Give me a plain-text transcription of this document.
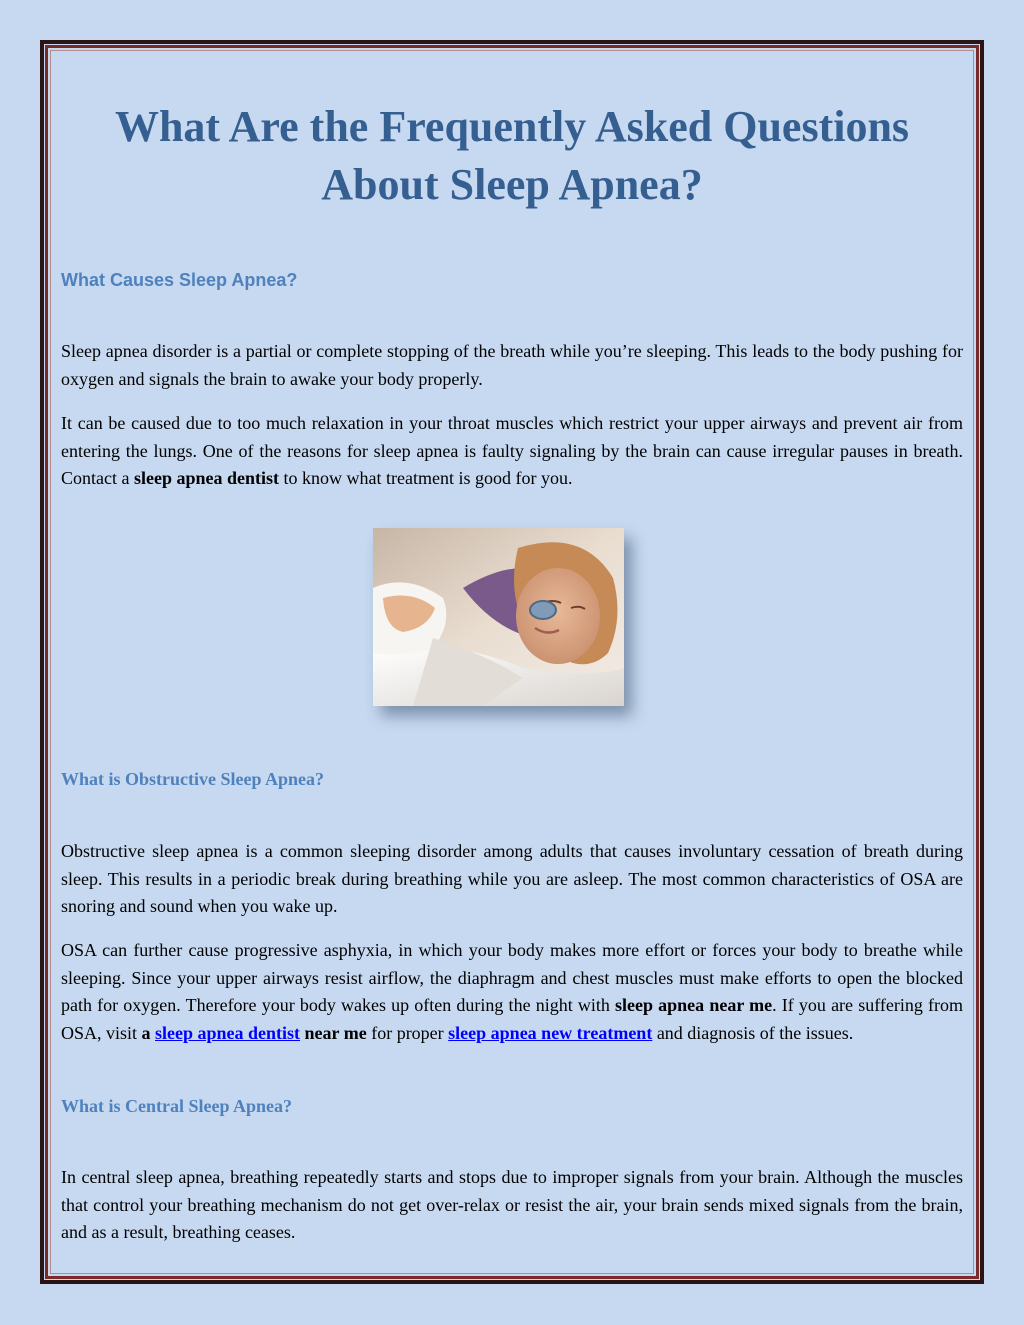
What Are the Frequently Asked Questions
About Sleep Apnea?
What Causes Sleep Apnea?

Sleep apnea disorder is a partial or complete stopping of the breath while you’re sleeping. This leads to the body pushing for oxygen and signals the brain to awake your body properly.

It can be caused due to too much relaxation in your throat muscles which restrict your upper airways and prevent air from entering the lungs. One of the reasons for sleep apnea is faulty signaling by the brain can cause irregular pauses in breath. Contact a sleep apnea dentist to know what treatment is good for you.

What is Obstructive Sleep Apnea?

Obstructive sleep apnea is a common sleeping disorder among adults that causes involuntary cessation of breath during sleep. This results in a periodic break during breathing while you are asleep. The most common characteristics of OSA are snoring and sound when you wake up.

OSA can further cause progressive asphyxia, in which your body makes more effort or forces your body to breathe while sleeping. Since your upper airways resist airflow, the diaphragm and chest muscles must make efforts to open the blocked path for oxygen. Therefore your body wakes up often during the night with sleep apnea near me. If you are suffering from OSA, visit a sleep apnea dentist near me for proper sleep apnea new treatment and diagnosis of the issues.

What is Central Sleep Apnea?

In central sleep apnea, breathing repeatedly starts and stops due to improper signals from your brain. Although the muscles that control your breathing mechanism do not get over-relax or resist the air, your brain sends mixed signals from the brain, and as a result, breathing ceases.
